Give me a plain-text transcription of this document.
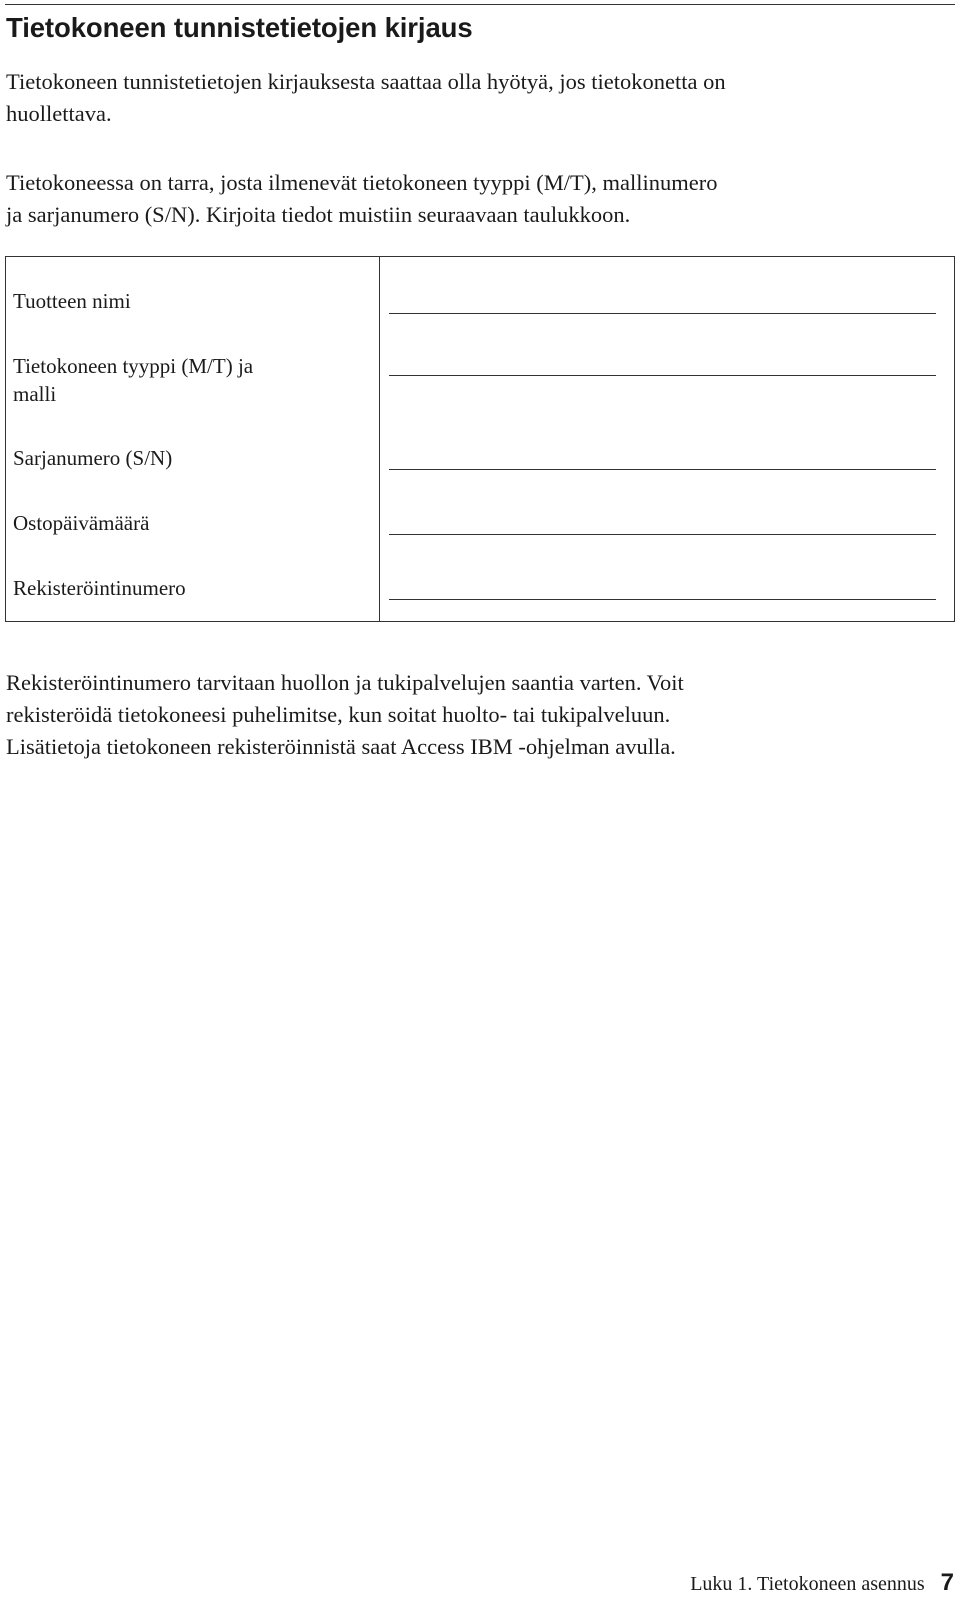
Tietokoneen tunnistetietojen kirjaus

Tietokoneen tunnistetietojen kirjauksesta saattaa olla hyötyä, jos tietokonetta on
huollettava.

Tietokoneessa on tarra, josta ilmenevät tietokoneen tyyppi (M/T), mallinumero
ja sarjanumero (S/N). Kirjoita tiedot muistiin seuraavaan taulukkoon.

Tuotteen nimi
Tietokoneen tyyppi (M/T) ja
malli
Sarjanumero (S/N)
Ostopäivämäärä
Rekisteröintinumero

Rekisteröintinumero tarvitaan huollon ja tukipalvelujen saantia varten. Voit
rekisteröidä tietokoneesi puhelimitse, kun soitat huolto- tai tukipalveluun.
Lisätietoja tietokoneen rekisteröinnistä saat Access IBM -ohjelman avulla.

Luku 1. Tietokoneen asennus 7
